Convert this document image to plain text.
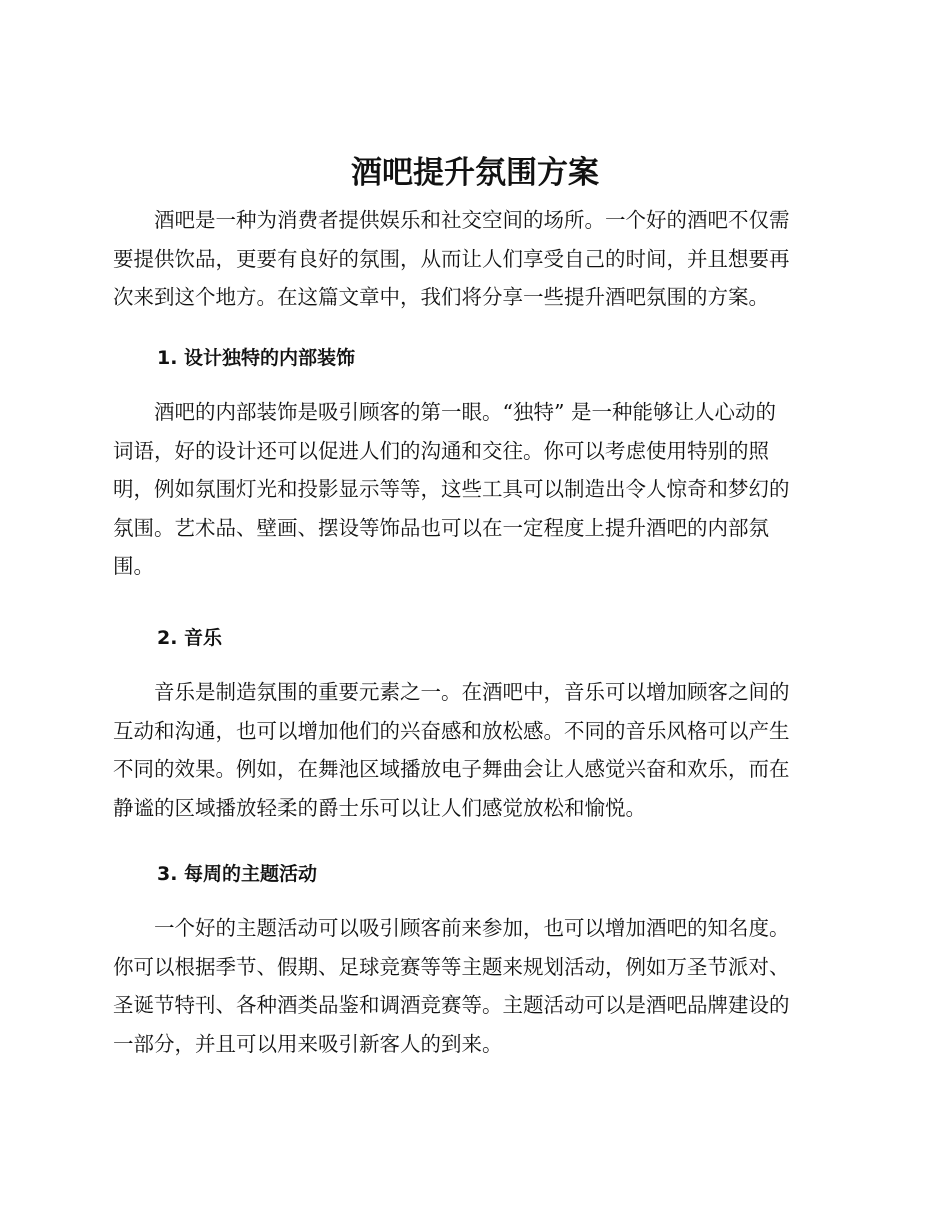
酒吧提升氛围方案

　　酒吧是一种为消费者提供娱乐和社交空间的场所。一个好的酒吧不仅需
要提供饮品，更要有良好的氛围，从而让人们享受自己的时间，并且想要再
次来到这个地方。在这篇文章中，我们将分享一些提升酒吧氛围的方案。

1. 设计独特的内部装饰

　　酒吧的内部装饰是吸引顾客的第一眼。“独特” 是一种能够让人心动的
词语，好的设计还可以促进人们的沟通和交往。你可以考虑使用特别的照
明，例如氛围灯光和投影显示等等，这些工具可以制造出令人惊奇和梦幻的
氛围。艺术品、壁画、摆设等饰品也可以在一定程度上提升酒吧的内部氛
围。

2. 音乐

　　音乐是制造氛围的重要元素之一。在酒吧中，音乐可以增加顾客之间的
互动和沟通，也可以增加他们的兴奋感和放松感。不同的音乐风格可以产生
不同的效果。例如，在舞池区域播放电子舞曲会让人感觉兴奋和欢乐，而在
静谧的区域播放轻柔的爵士乐可以让人们感觉放松和愉悦。

3. 每周的主题活动

　　一个好的主题活动可以吸引顾客前来参加，也可以增加酒吧的知名度。
你可以根据季节、假期、足球竞赛等等主题来规划活动，例如万圣节派对、
圣诞节特刊、各种酒类品鉴和调酒竞赛等。主题活动可以是酒吧品牌建设的
一部分，并且可以用来吸引新客人的到来。
